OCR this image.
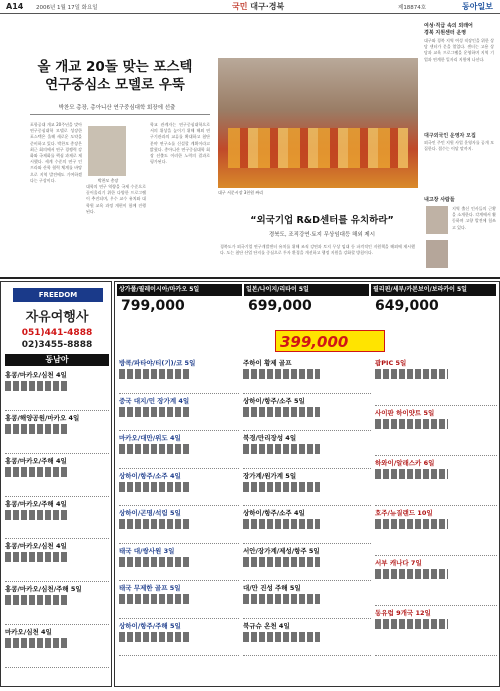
A14 2006년 1월 17일 화요일	국민 대구·경북	제18874호	동아일보
올 개교 20돌 맞는 포스텍
연구중심소 모델로 우뚝
박찬모 총장, 총아니산 연구중심대학 회장에 선출
포항공대 개교 20주년을 맞아 연구중심대학 모델로 성장한 포스텍은 올해 새로운 도약을 준비하고 있다. 박찬모 총장은 최근 회의에서 연구 경쟁력 강화와 국제화를 핵심 과제로 제시했다. 세계 수준의 연구 인프라와 산학 협력 체계를 바탕으로 지역 발전에도 기여하겠다는 구상이다.	박찬모 총장
대학의 연구 역량을 국제 수준으로 끌어올리기 위한 다양한 프로그램이 추진되며, 우수 교수 유치와 대학원 교육 과정 개편이 함께 진행된다.
학교 관계자는 연구중심대학으로서의 위상을 높이기 위해 해외 연구기관과의 교류를 확대하고 첨단 분야 연구소를 신설할 계획이라고 밝혔다. 총아니산 연구중심대학 회장 선출도 이러한 노력의 결과로 평가된다.
대구 서문시장 3천원 짜리
“외국기업 R&D센터를 유치하라”
경북도, 조직강연·토지 무상임대등 해외 제시
경북도가 외국기업 연구개발센터 유치를 위해 조직 강연과 토지 무상 임대 등 파격적인 지원책을 해외에 제시했다. 도는 첨단 산업 단지를 중심으로 투자 환경을 개선하고 행정 지원을 강화할 방침이다.
여성·직급 속의 외래어
경북 지원센터 운영
대구와 경북 지역 여성 직장인을 위한 상담 센터가 문을 열었다. 센터는 고용 상담과 교육 프로그램을 운영하며 지역 기업과 연계한 일자리 지원에 나선다.
대구외국인 운영자 모집
외국인 주민 지원 사업 운영자를 공개 모집한다. 접수는 이달 말까지.
내고장 사람들
지역 출신 인사들의 근황을 소개한다. 각계에서 활동하며 고향 발전에 힘쓰고 있다.
FREEDOM
자유여행사
051)441-4888
02)3455-8888
동남아
홍콩/마카오/심천 4일
홍콩/해양공원/마카오 4일
홍콩/마카오/주해 4일
홍콩/마카오/주해 4일
홍콩/마카오/심천 4일
홍콩/마카오/심천/주해 5일
마카오/심천 4일
상가폴/필레이시아/마카오 5일	일본/나이지/리타이 5일	필리핀/세부/카본보이/보라카이 5일
799,000	699,000	649,000
399,000
방콕/파타야/티(기)/코 5일
중국 대지/민 장가계 4일
마카오/대만/위도 4일
상하이/항주/소주 4일
상하이/곤명/석림 5일
태국 대/쌍사원 3일
태국 무제한 골프 5일
상하이/항주/주해 5일
주하이 황제 골프
상하이/항주/소주 5일
북경/만리장성 4일
장가계/원가계 5일
상하이/항주/소주 4일
서안/장가계/제성/항주 5일
대/만 진성 주해 5일
북규슈 온천 4일
괌PIC 5일
사이판 하이얏트 5일
하와이/알래스카 6일
호주/뉴질랜드 10일
서부 캐나다 7일
동유럽 9개국 12일
